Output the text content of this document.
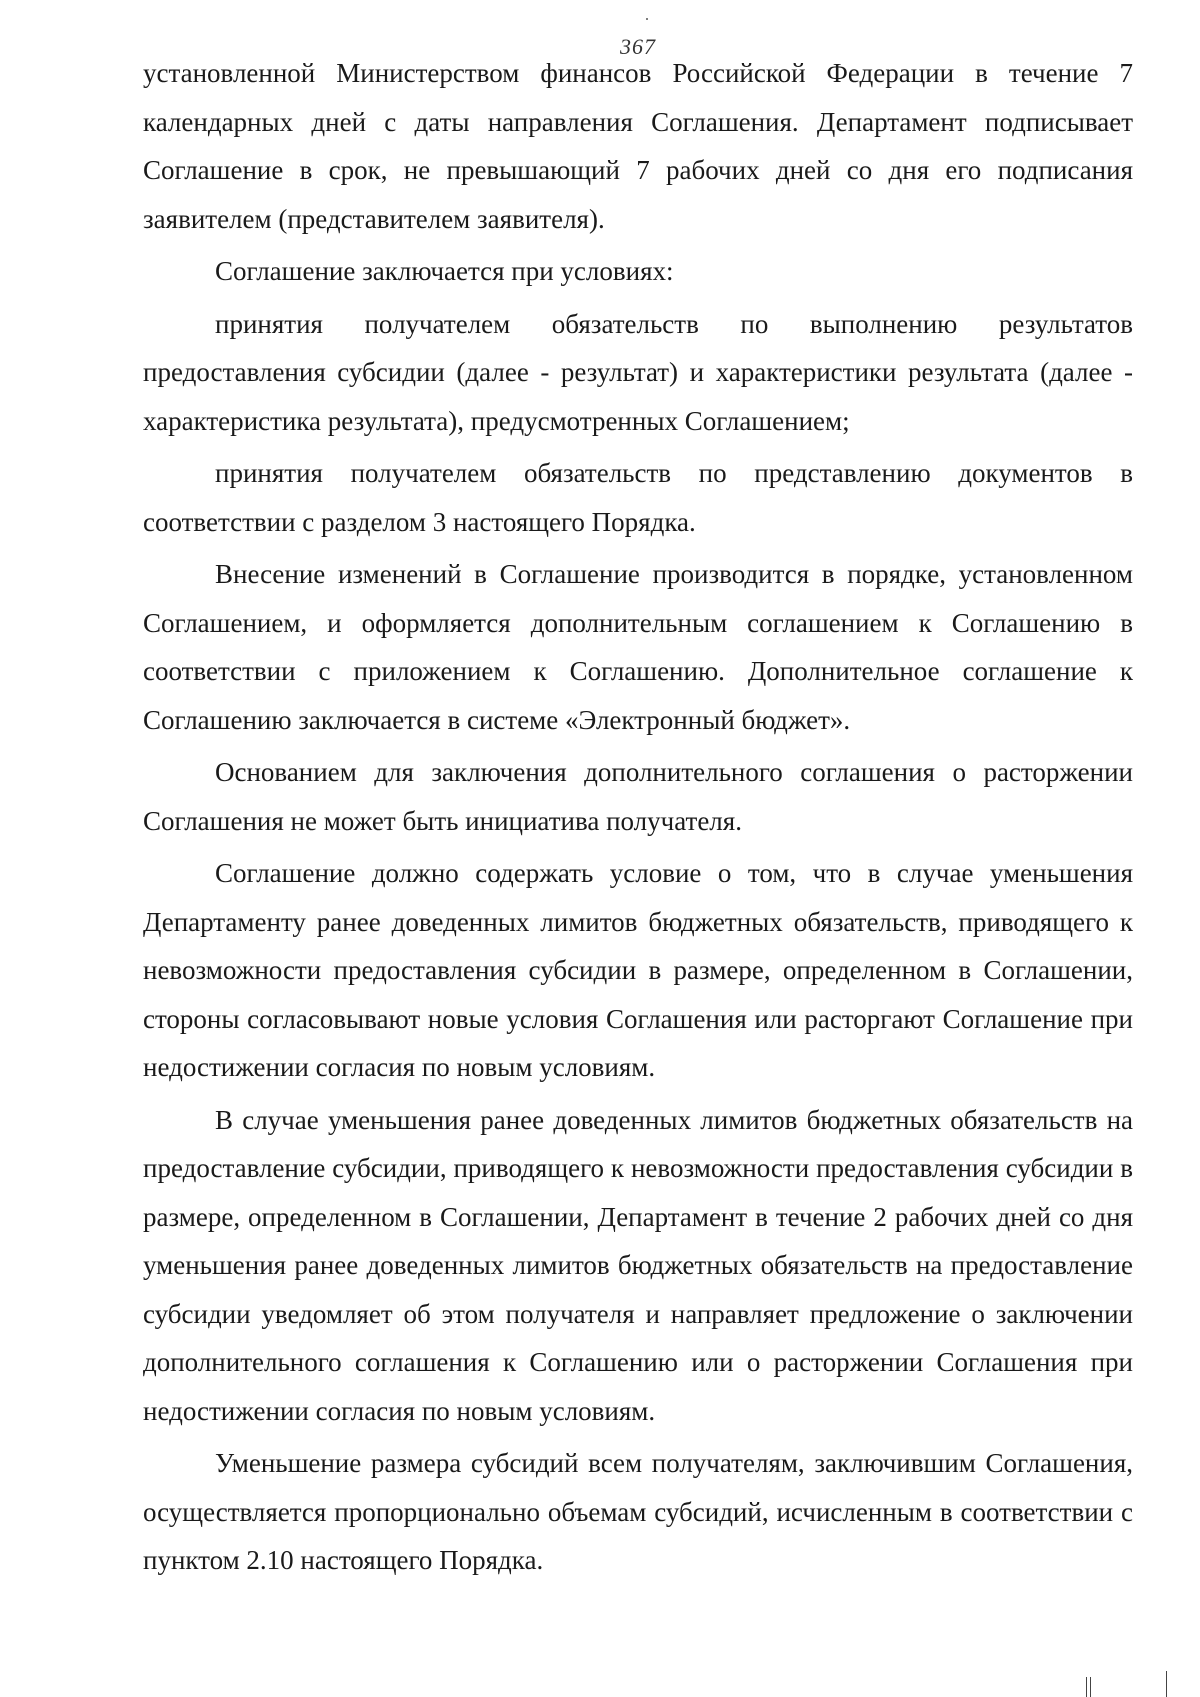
367

установленной Министерством финансов Российской Федерации в течение 7 календарных дней с даты направления Соглашения. Департамент подписывает Соглашение в срок, не превышающий 7 рабочих дней со дня его подписания заявителем (представителем заявителя).

Соглашение заключается при условиях:

принятия получателем обязательств по выполнению результатов предоставления субсидии (далее - результат) и характеристики результата (далее - характеристика результата), предусмотренных Соглашением;

принятия получателем обязательств по представлению документов в соответствии с разделом 3 настоящего Порядка.

Внесение изменений в Соглашение производится в порядке, установленном Соглашением, и оформляется дополнительным соглашением к Соглашению в соответствии с приложением к Соглашению. Дополнительное соглашение к Соглашению заключается в системе «Электронный бюджет».

Основанием для заключения дополнительного соглашения о расторжении Соглашения не может быть инициатива получателя.

Соглашение должно содержать условие о том, что в случае уменьшения Департаменту ранее доведенных лимитов бюджетных обязательств, приводящего к невозможности предоставления субсидии в размере, определенном в Соглашении, стороны согласовывают новые условия Соглашения или расторгают Соглашение при недостижении согласия по новым условиям.

В случае уменьшения ранее доведенных лимитов бюджетных обязательств на предоставление субсидии, приводящего к невозможности предоставления субсидии в размере, определенном в Соглашении, Департамент в течение 2 рабочих дней со дня уменьшения ранее доведенных лимитов бюджетных обязательств на предоставление субсидии уведомляет об этом получателя и направляет предложение о заключении дополнительного соглашения к Соглашению или о расторжении Соглашения при недостижении согласия по новым условиям.

Уменьшение размера субсидий всем получателям, заключившим Соглашения, осуществляется пропорционально объемам субсидий, исчисленным в соответствии с пунктом 2.10 настоящего Порядка.
